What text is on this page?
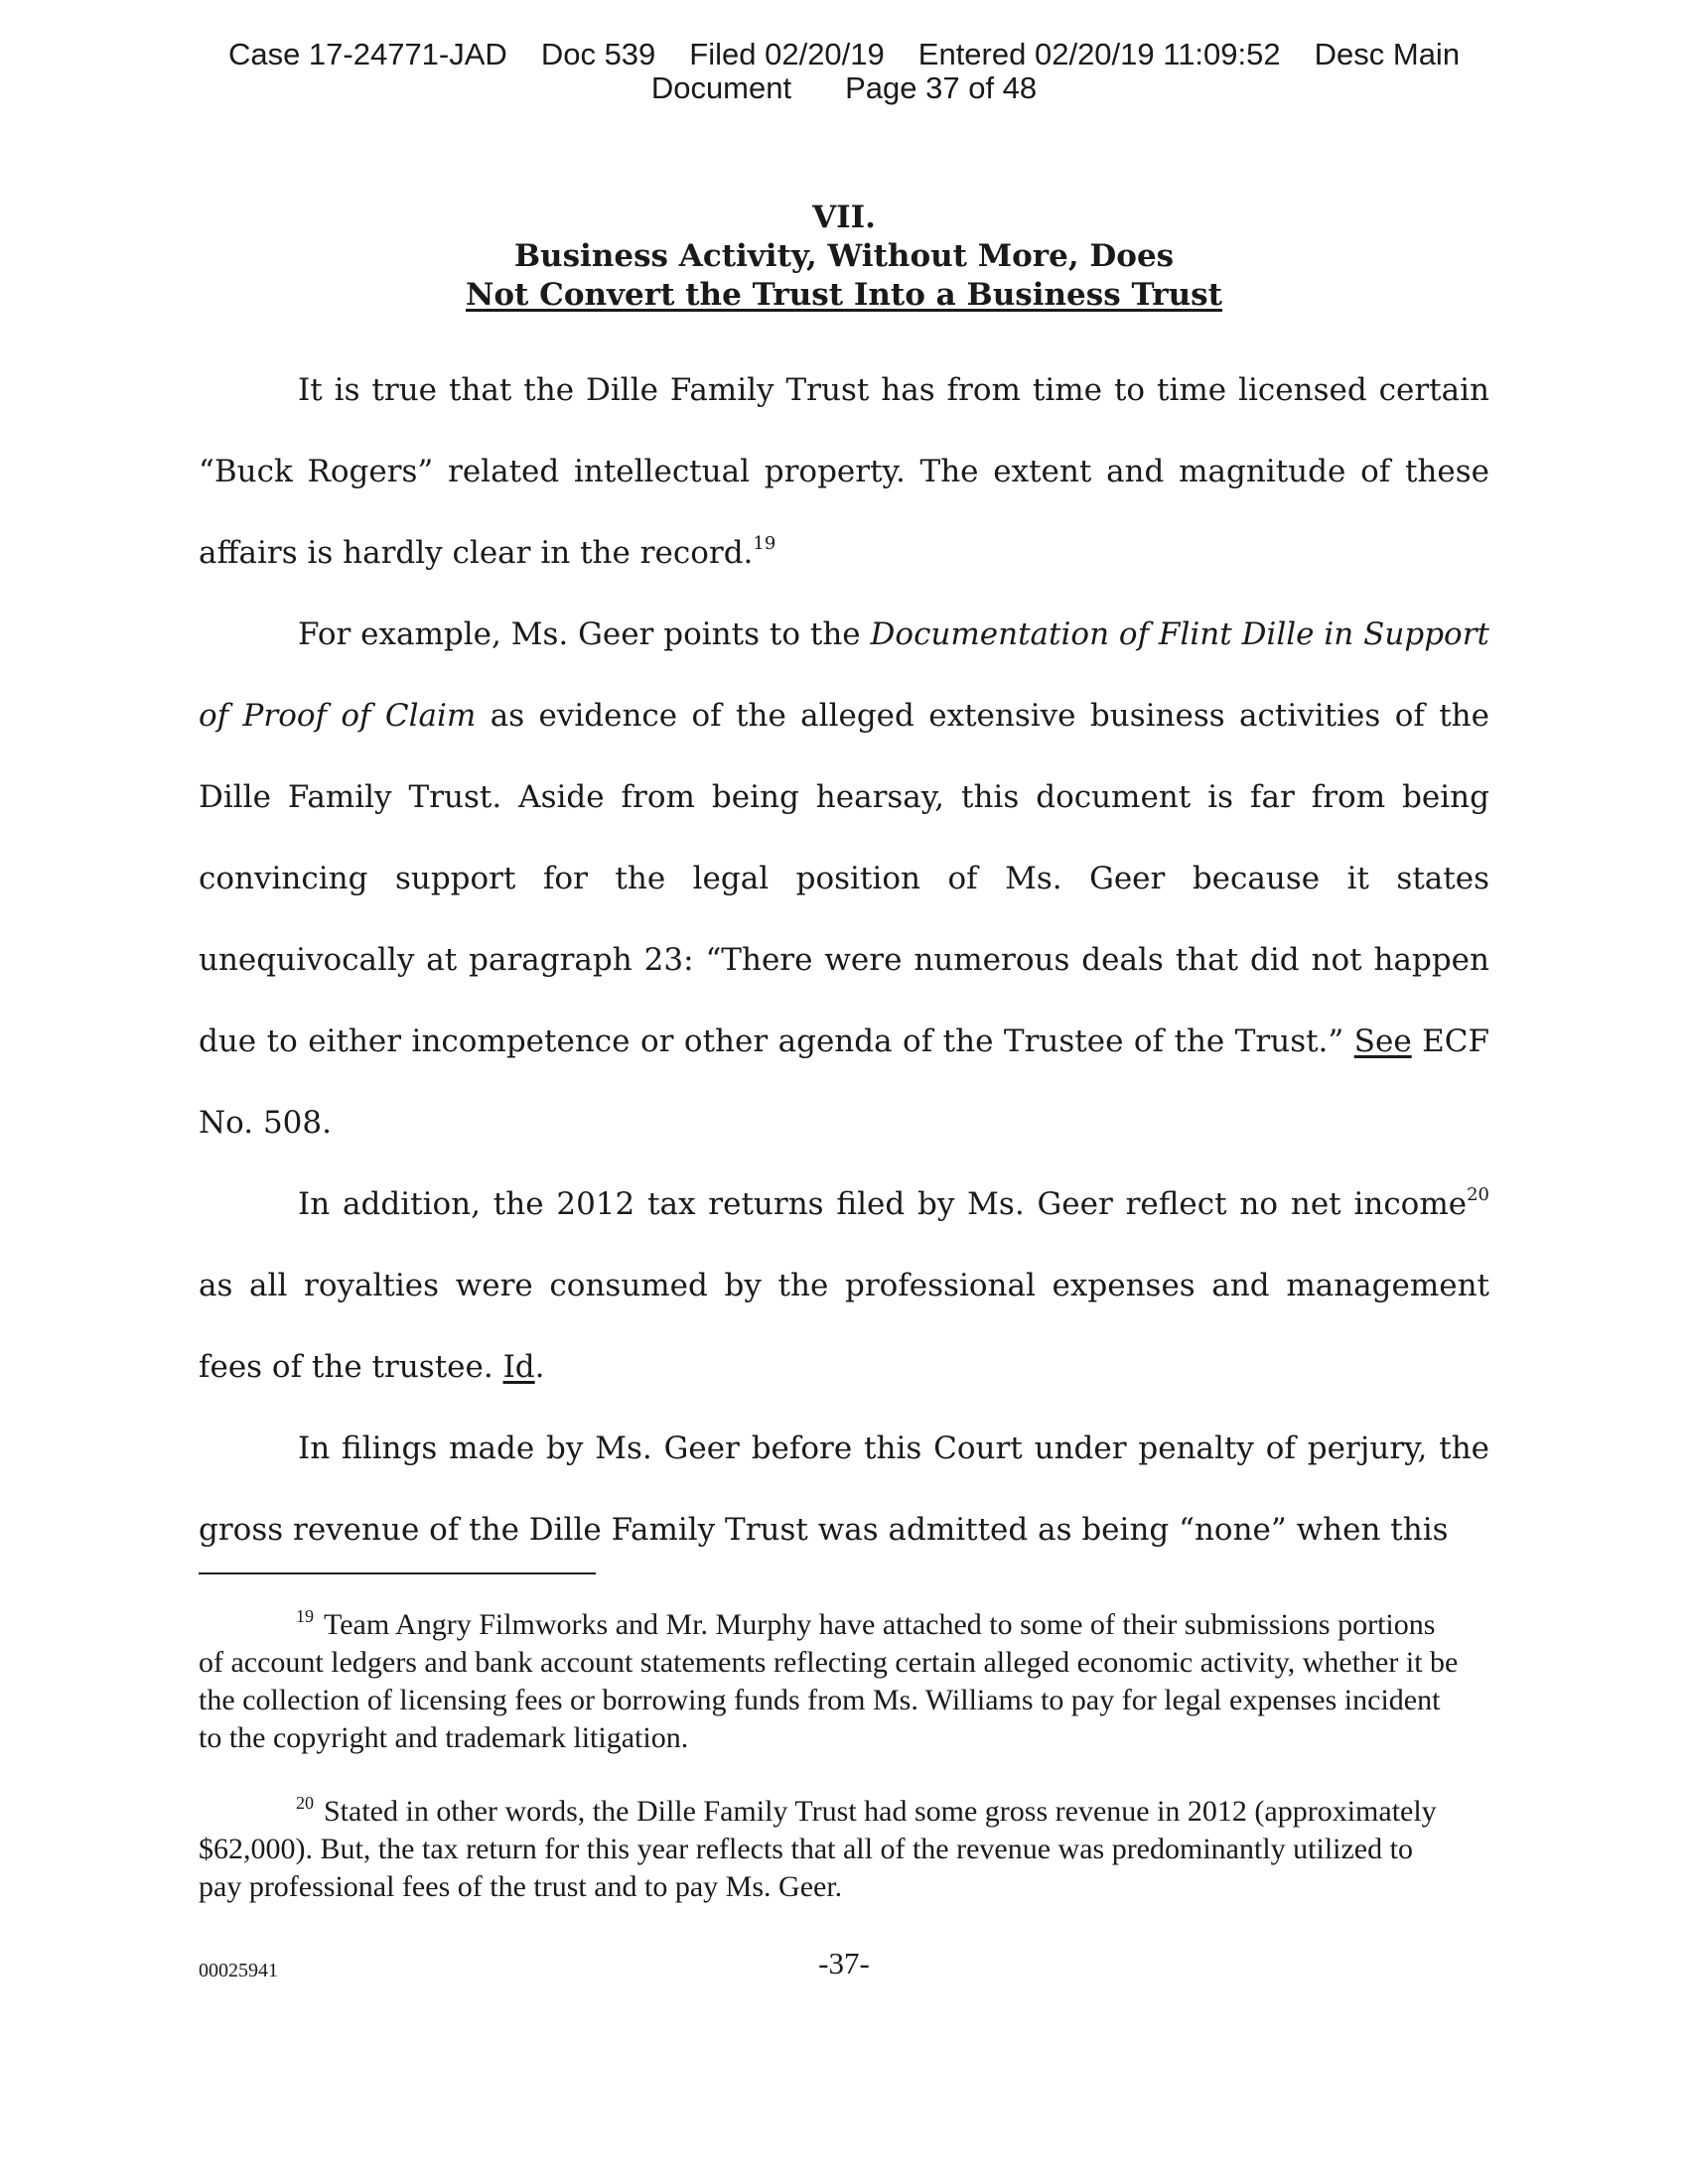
Case 17-24771-JAD Doc 539 Filed 02/20/19 Entered 02/20/19 11:09:52 Desc Main
Document Page 37 of 48
VII.
Business Activity, Without More, Does
Not Convert the Trust Into a Business Trust

It is true that the Dille Family Trust has from time to time licensed certain “Buck Rogers” related intellectual property. The extent and magnitude of these affairs is hardly clear in the record.$^{19}$

For example, Ms. Geer points to the Documentation of Flint Dille in Support of Proof of Claim as evidence of the alleged extensive business activities of the Dille Family Trust. Aside from being hearsay, this document is far from being convincing support for the legal position of Ms. Geer because it states unequivocally at paragraph 23: “There were numerous deals that did not happen due to either incompetence or other agenda of the Trustee of the Trust.” See ECF No. 508.

In addition, the 2012 tax returns filed by Ms. Geer reflect no net income$^{20}$ as all royalties were consumed by the professional expenses and management fees of the trustee. Id.

In filings made by Ms. Geer before this Court under penalty of perjury, the gross revenue of the Dille Family Trust was admitted as being “none” when this

$^{19}$ Team Angry Filmworks and Mr. Murphy have attached to some of their submissions portions of account ledgers and bank account statements reflecting certain alleged economic activity, whether it be the collection of licensing fees or borrowing funds from Ms. Williams to pay for legal expenses incident to the copyright and trademark litigation.

$^{20}$ Stated in other words, the Dille Family Trust had some gross revenue in 2012 (approximately $62,000). But, the tax return for this year reflects that all of the revenue was predominantly utilized to pay professional fees of the trust and to pay Ms. Geer.

00025941	-37-
